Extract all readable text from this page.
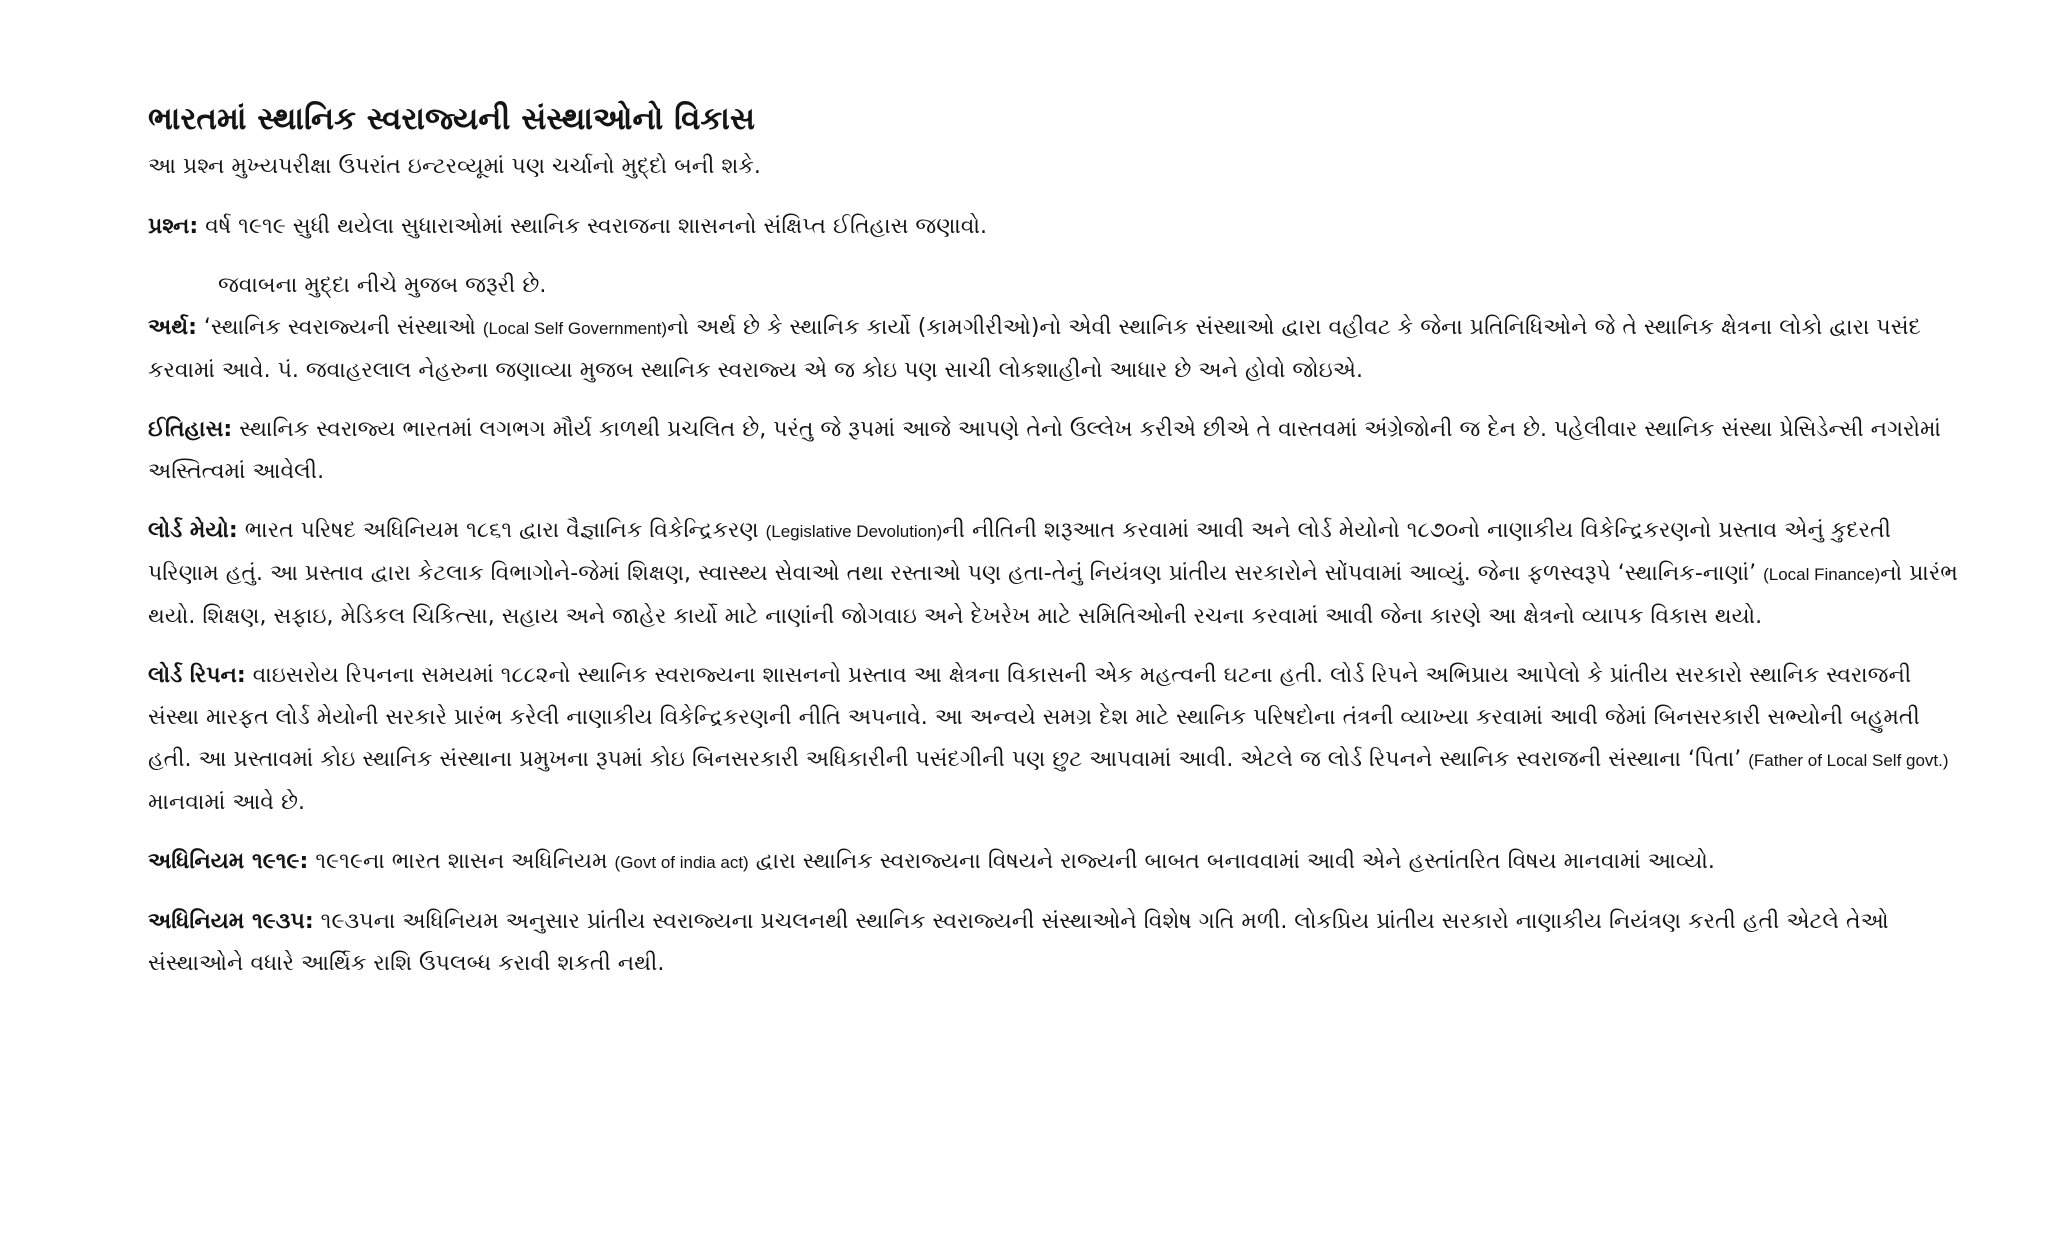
ભારતમાં સ્થાનિક સ્વરાજ્યની સંસ્થાઓનો વિકાસ
આ પ્રશ્ન મુખ્યપરીક્ષા ઉપરાંત ઇન્ટરવ્યૂમાં પણ ચર્ચાનો મુદ્દો બની શકે.

પ્રશ્ન: વર્ષ ૧૯૧૯ સુધી થયેલા સુધારાઓમાં સ્થાનિક સ્વરાજના શાસનનો સંક્ષિપ્ત ઈતિહાસ જણાવો.

જવાબના મુદ્દા નીચે મુજબ જરૂરી છે.

અર્થ: ‘સ્થાનિક સ્વરાજ્યની સંસ્થાઓ (Local Self Government)નો અર્થ છે કે સ્થાનિક કાર્યો (કામગીરીઓ)નો એવી સ્થાનિક સંસ્થાઓ દ્વારા વહીવટ કે જેના પ્રતિનિધિઓને જે તે સ્થાનિક ક્ષેત્રના લોકો દ્વારા પસંદ કરવામાં આવે. પં. જવાહરલાલ નેહરુના જણાવ્યા મુજબ સ્થાનિક સ્વરાજ્ય એ જ કોઇ પણ સાચી લોકશાહીનો આધાર છે અને હોવો જોઇએ.

ઈતિહાસ: સ્થાનિક સ્વરાજ્ય ભારતમાં લગભગ મૌર્ય કાળથી પ્રચલિત છે, પરંતુ જે રૂપમાં આજે આપણે તેનો ઉલ્લેખ કરીએ છીએ તે વાસ્તવમાં અંગ્રેજોની જ દેન છે. પહેલીવાર સ્થાનિક સંસ્થા પ્રેસિડેન્સી નગરોમાં અસ્તિત્વમાં આવેલી.

લોર્ડ મેયો: ભારત પરિષદ અધિનિયમ ૧૮૬૧ દ્વારા વૈજ્ઞાનિક વિકેન્દ્રિકરણ (Legislative Devolution)ની નીતિની શરૂઆત કરવામાં આવી અને લોર્ડ મેયોનો ૧૮૭૦નો નાણાકીય વિકેન્દ્રિકરણનો પ્રસ્તાવ એનું કુદરતી પરિણામ હતું. આ પ્રસ્તાવ દ્વારા કેટલાક વિભાગોને-જેમાં શિક્ષણ, સ્વાસ્થ્ય સેવાઓ તથા રસ્તાઓ પણ હતા-તેનું નિયંત્રણ પ્રાંતીય સરકારોને સોંપવામાં આવ્યું. જેના ફળસ્વરૂપે ‘સ્થાનિક-નાણાં’ (Local Finance)નો પ્રારંભ થયો. શિક્ષણ, સફાઇ, મેડિકલ ચિકિત્સા, સહાય અને જાહેર કાર્યો માટે નાણાંની જોગવાઇ અને દેખરેખ માટે સમિતિઓની રચના કરવામાં આવી જેના કારણે આ ક્ષેત્રનો વ્યાપક વિકાસ થયો.

લોર્ડ રિપન: વાઇસરોય રિપનના સમયમાં ૧૮૮૨નો સ્થાનિક સ્વરાજ્યના શાસનનો પ્રસ્તાવ આ ક્ષેત્રના વિકાસની એક મહત્વની ઘટના હતી. લોર્ડ રિપને અભિપ્રાય આપેલો કે પ્રાંતીય સરકારો સ્થાનિક સ્વરાજની સંસ્થા મારફત લોર્ડ મેયોની સરકારે પ્રારંભ કરેલી નાણાકીય વિકેન્દ્રિકરણની નીતિ અપનાવે. આ અન્વયે સમગ્ર દેશ માટે સ્થાનિક પરિષદોના તંત્રની વ્યાખ્યા કરવામાં આવી જેમાં બિનસરકારી સભ્યોની બહુમતી હતી. આ પ્રસ્તાવમાં કોઇ સ્થાનિક સંસ્થાના પ્રમુખના રૂપમાં કોઇ બિનસરકારી અધિકારીની પસંદગીની પણ છુટ આપવામાં આવી. એટલે જ લોર્ડ રિપનને સ્થાનિક સ્વરાજની સંસ્થાના ‘પિતા’ (Father of Local Self govt.) માનવામાં આવે છે.

અધિનિયમ ૧૯૧૯: ૧૯૧૯ના ભારત શાસન અધિનિયમ (Govt of india act) દ્વારા સ્થાનિક સ્વરાજ્યના વિષયને રાજ્યની બાબત બનાવવામાં આવી એને હસ્તાંતરિત વિષય માનવામાં આવ્યો.

અધિનિયમ ૧૯૩૫: ૧૯૩૫ના અધિનિયમ અનુસાર પ્રાંતીય સ્વરાજ્યના પ્રચલનથી સ્થાનિક સ્વરાજ્યની સંસ્થાઓને વિશેષ ગતિ મળી. લોકપ્રિય પ્રાંતીય સરકારો નાણાકીય નિયંત્રણ કરતી હતી એટલે તેઓ સંસ્થાઓને વધારે આર્થિક રાશિ ઉપલબ્ધ કરાવી શકતી નથી.
